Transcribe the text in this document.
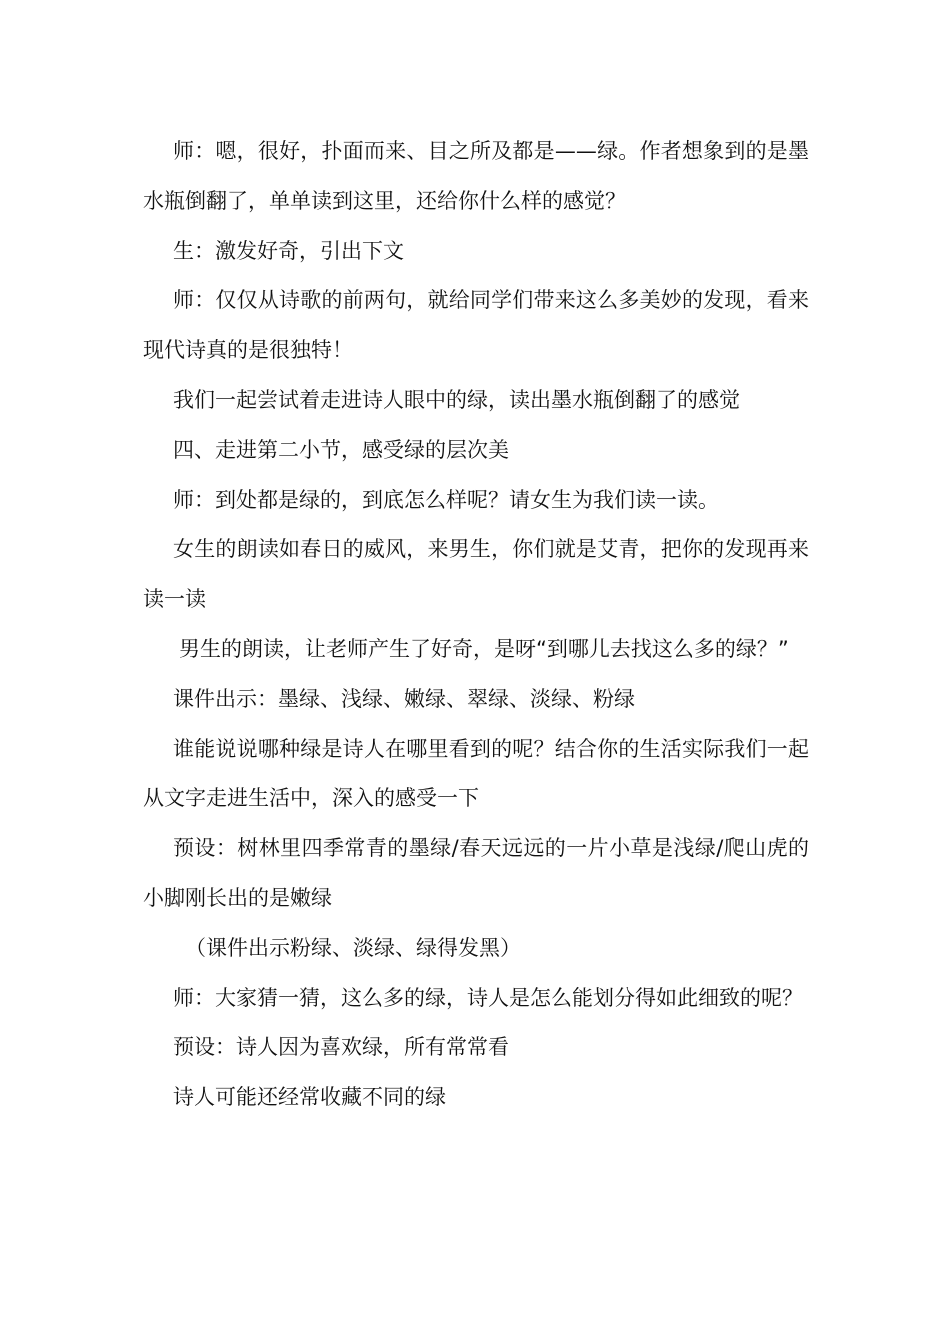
师：嗯，很好，扑面而来、目之所及都是——绿。作者想象到的是墨水瓶倒翻了，单单读到这里，还给你什么样的感觉？

生：激发好奇，引出下文

师：仅仅从诗歌的前两句，就给同学们带来这么多美妙的发现，看来现代诗真的是很独特！

我们一起尝试着走进诗人眼中的绿，读出墨水瓶倒翻了的感觉

四、走进第二小节，感受绿的层次美

师：到处都是绿的，到底怎么样呢？请女生为我们读一读。

女生的朗读如春日的威风，来男生，你们就是艾青，把你的发现再来读一读

男生的朗读，让老师产生了好奇，是呀“到哪儿去找这么多的绿？”

课件出示：墨绿、浅绿、嫩绿、翠绿、淡绿、粉绿

谁能说说哪种绿是诗人在哪里看到的呢？结合你的生活实际我们一起从文字走进生活中，深入的感受一下

预设：树林里四季常青的墨绿/春天远远的一片小草是浅绿/爬山虎的小脚刚长出的是嫩绿

（课件出示粉绿、淡绿、绿得发黑）

师：大家猜一猜，这么多的绿，诗人是怎么能划分得如此细致的呢？

预设：诗人因为喜欢绿，所有常常看

诗人可能还经常收藏不同的绿
